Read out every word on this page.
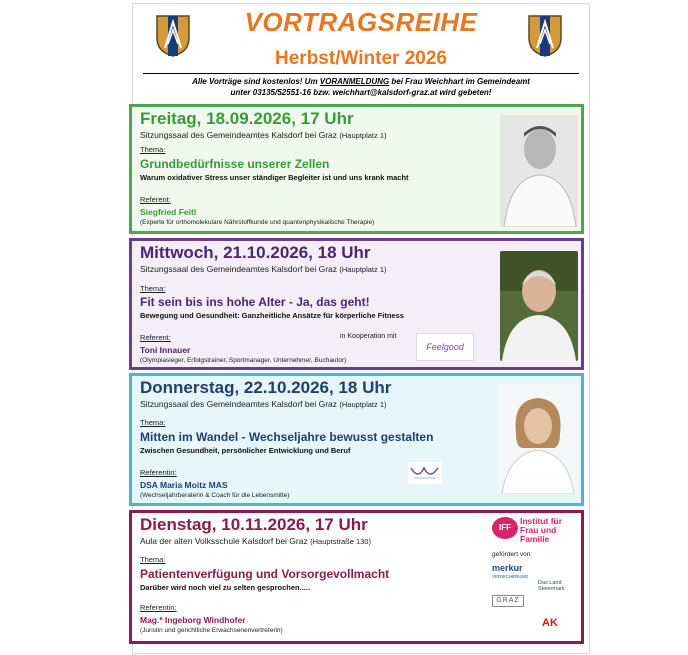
VORTRAGSREIHE
Herbst/Winter 2026
Alle Vorträge sind kostenlos! Um VORANMELDUNG bei Frau Weichhart im Gemeindeamt
unter 03135/52551-16 bzw. weichhart@kalsdorf-graz.at wird gebeten!
Freitag, 18.09.2026, 17 Uhr
Sitzungssaal des Gemeindeamtes Kalsdorf bei Graz (Hauptplatz 1)
Thema:
Grundbedürfnisse unserer Zellen
Warum oxidativer Stress unser ständiger Begleiter ist und uns krank macht
Referent:
Siegfried Feitl
(Experte für orthomolekulare Nährstoffkunde und quantenphysikalische Therapie)
Mittwoch, 21.10.2026, 18 Uhr
Sitzungssaal des Gemeindeamtes Kalsdorf bei Graz (Hauptplatz 1)
Thema:
Fit sein bis ins hohe Alter - Ja, das geht!
Bewegung und Gesundheit: Ganzheitliche Ansätze für körperliche Fitness
Referent:
Toni Innauer
(Olympiasieger, Erfolgstrainer, Sportmanager, Unternehmer, Buchautor)
in Kooperation mit
Feelgood
Donnerstag, 22.10.2026, 18 Uhr
Sitzungssaal des Gemeindeamtes Kalsdorf bei Graz (Hauptplatz 1)
Thema:
Mitten im Wandel - Wechseljahre bewusst gestalten
Zwischen Gesundheit, persönlicher Entwicklung und Beruf
Referentin:
DSA Maria Moitz MAS
(Wechseljahrberaterin & Coach für die Lebensmitte)
Dienstag, 10.11.2026, 17 Uhr
Aula der alten Volksschule Kalsdorf bei Graz (Hauptstraße 130)
Thema:
Patientenverfügung und Vorsorgevollmacht
Darüber wird noch viel zu selten gesprochen.....
Referentin:
Mag.ª Ingeborg Windhofer
(Juristin und gerichtliche Erwachsenenvertreterin)
IFF
Institut für Frau und Familie
gefördert von:
merkur
VERSICHERUNG
Das Land Steiermark
GRAZ
AK
